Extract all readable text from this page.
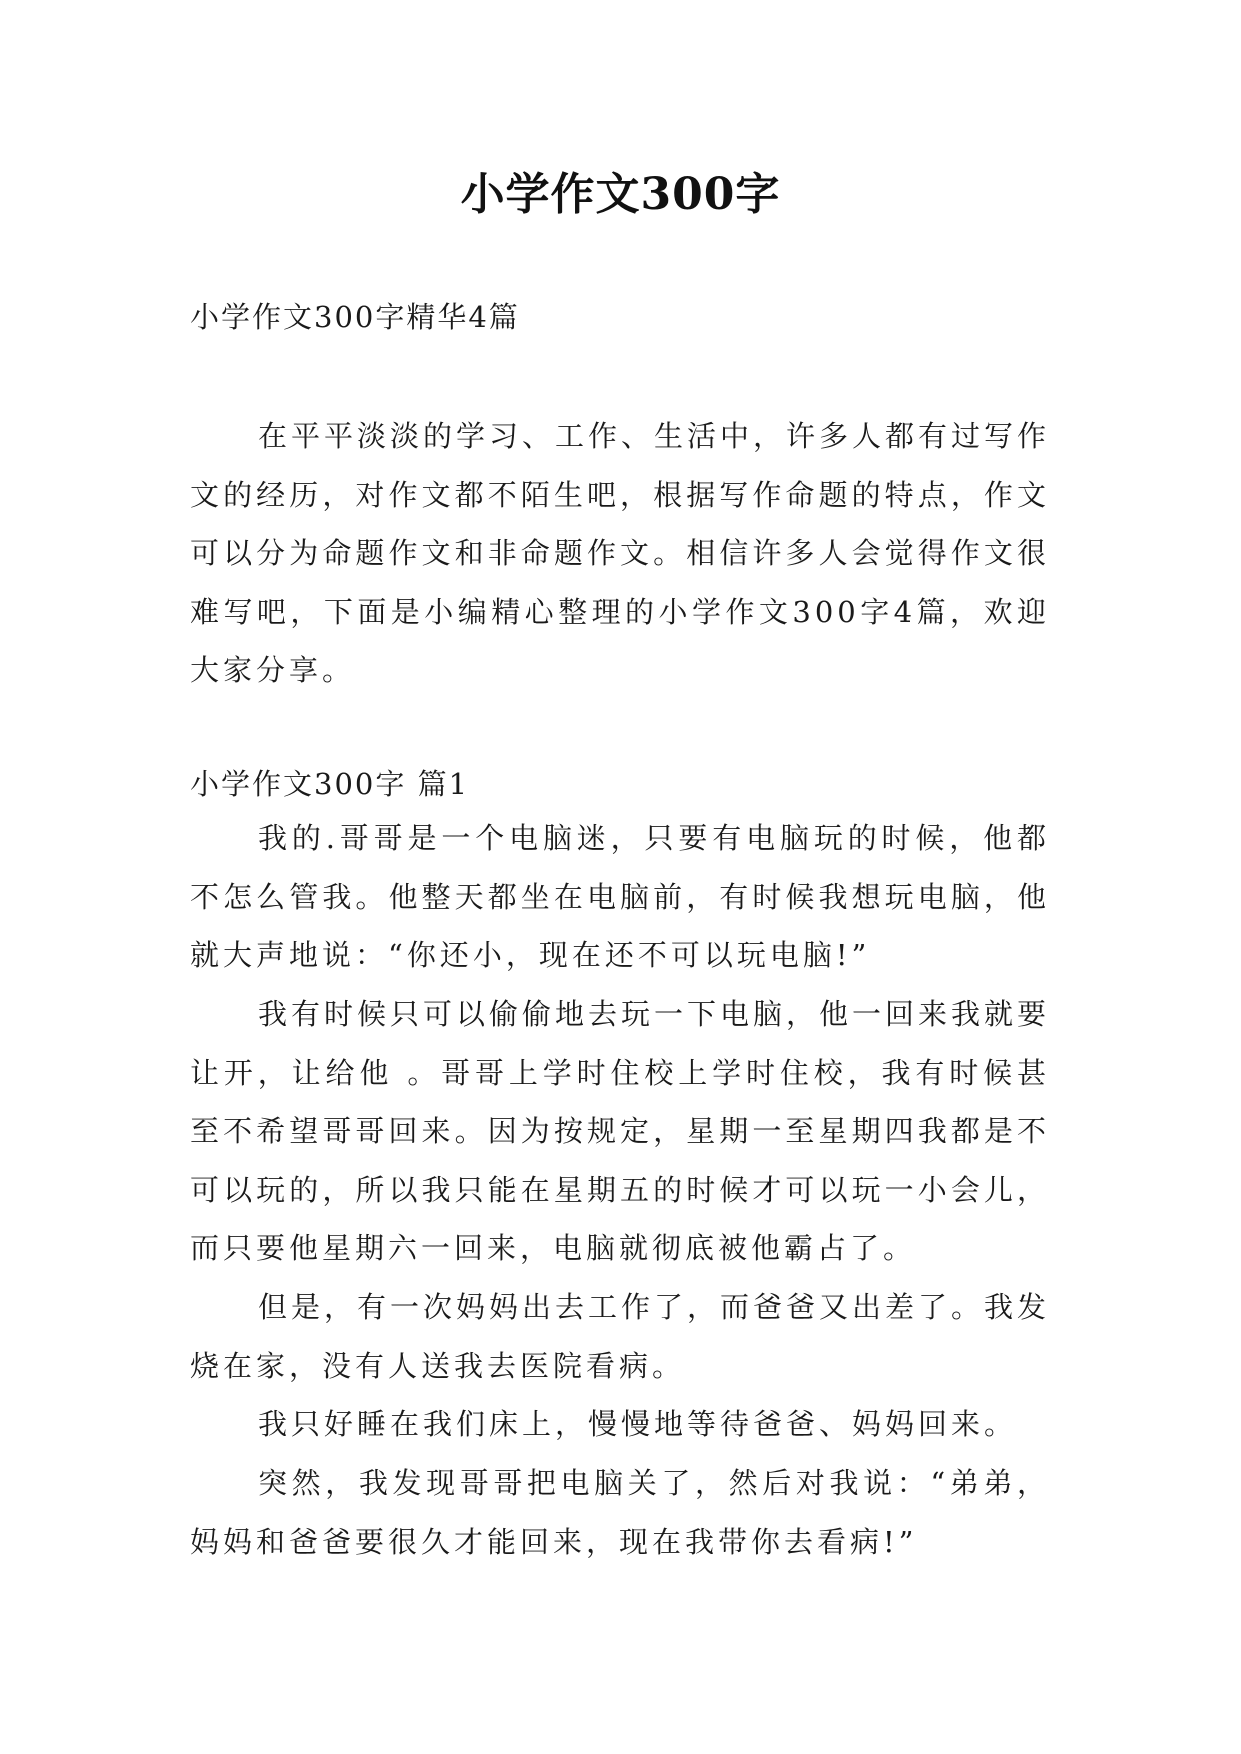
小学作文300字
小学作文300字精华4篇

在平平淡淡的学习、工作、生活中，许多人都有过写作文的经历，对作文都不陌生吧，根据写作命题的特点，作文可以分为命题作文和非命题作文。相信许多人会觉得作文很难写吧，下面是小编精心整理的小学作文300字4篇，欢迎大家分享。

小学作文300字 篇1

我的.哥哥是一个电脑迷，只要有电脑玩的时候，他都不怎么管我。他整天都坐在电脑前，有时候我想玩电脑，他就大声地说：“你还小，现在还不可以玩电脑!”

我有时候只可以偷偷地去玩一下电脑，他一回来我就要让开，让给他 。哥哥上学时住校上学时住校，我有时候甚至不希望哥哥回来。因为按规定，星期一至星期四我都是不可以玩的，所以我只能在星期五的时候才可以玩一小会儿，而只要他星期六一回来，电脑就彻底被他霸占了。

但是，有一次妈妈出去工作了，而爸爸又出差了。我发烧在家，没有人送我去医院看病。

我只好睡在我们床上，慢慢地等待爸爸、妈妈回来。

突然，我发现哥哥把电脑关了，然后对我说：“弟弟，妈妈和爸爸要很久才能回来，现在我带你去看病!”
